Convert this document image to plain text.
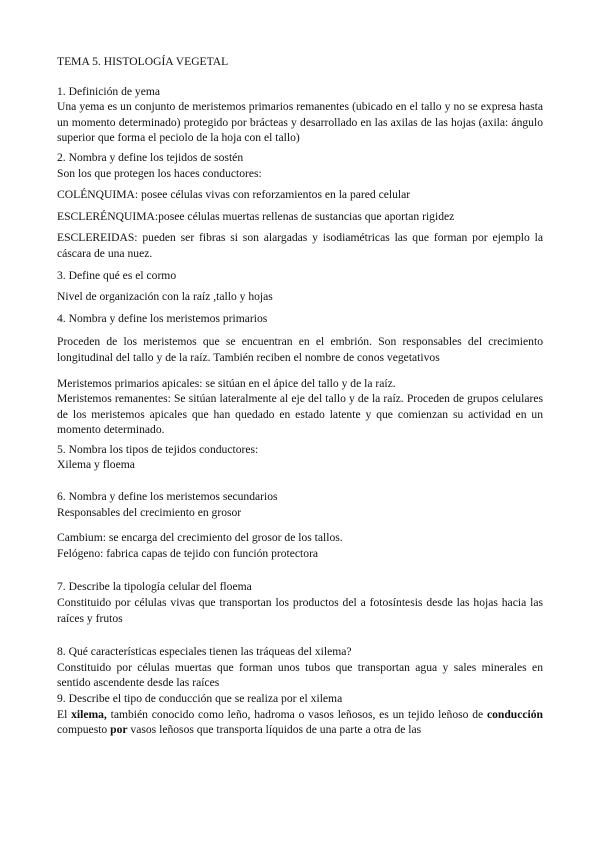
TEMA 5. HISTOLOGÍA VEGETAL

1. Definición de yema

Una yema es un conjunto de meristemos primarios remanentes (ubicado en el tallo y no se expresa hasta un momento determinado) protegido por brácteas y desarrollado en las axilas de las hojas (axila: ángulo superior que forma el peciolo de la hoja con el tallo)

2. Nombra y define los tejidos de sostén

Son los que protegen los haces conductores:

COLÉNQUIMA: posee células vivas con reforzamientos en la pared celular

ESCLERÉNQUIMA:posee células muertas rellenas de sustancias que aportan rigidez

ESCLEREIDAS: pueden ser fibras si son alargadas y isodiamétricas las que forman por ejemplo la cáscara de una nuez.

3. Define qué es el cormo

Nivel de organización con la raíz ,tallo y hojas

4. Nombra y define los meristemos primarios

Proceden de los meristemos que se encuentran en el embrión. Son responsables del crecimiento longitudinal del tallo y de la raíz. También reciben el nombre de conos vegetativos

Meristemos primarios apicales: se sitúan en el ápice del tallo y de la raíz.

Meristemos remanentes: Se sitúan lateralmente al eje del tallo y de la raíz. Proceden de grupos celulares de los meristemos apicales que han quedado en estado latente y que comienzan su actividad en un momento determinado.

5. Nombra los tipos de tejidos conductores:

Xilema y floema

6. Nombra y define los meristemos secundarios

Responsables del crecimiento en grosor

Cambium: se encarga del crecimiento del grosor de los tallos.

Felógeno: fabrica capas de tejido con función protectora

7. Describe la tipología celular del floema

Constituido por células vivas que transportan los productos del a fotosíntesis desde las hojas hacia las raíces y frutos

8. Qué características especiales tienen las tráqueas del xilema?

Constituido por células muertas que forman unos tubos que transportan agua y sales minerales en sentido ascendente desde las raíces

9. Describe el tipo de conducción que se realiza por el xilema

El xilema, también conocido como leño, hadroma o vasos leñosos, es un tejido leñoso de conducción compuesto por vasos leñosos que transporta líquidos de una parte a otra de las
